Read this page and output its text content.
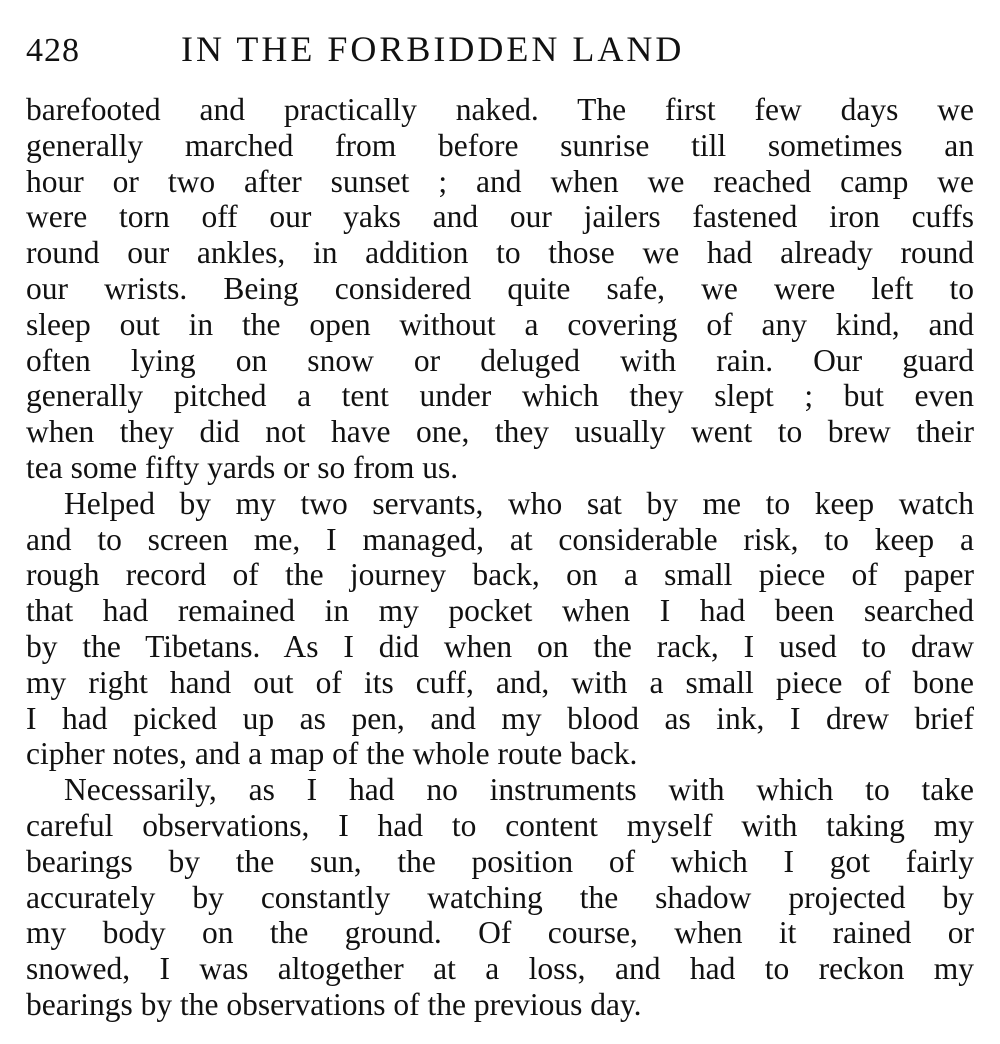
428	IN THE FORBIDDEN LAND
barefooted and practically naked. The first few days we
generally marched from before sunrise till sometimes an
hour or two after sunset ; and when we reached camp we
were torn off our yaks and our jailers fastened iron cuffs
round our ankles, in addition to those we had already round
our wrists. Being considered quite safe, we were left to
sleep out in the open without a covering of any kind, and
often lying on snow or deluged with rain. Our guard
generally pitched a tent under which they slept ; but even
when they did not have one, they usually went to brew their
tea some fifty yards or so from us.
Helped by my two servants, who sat by me to keep watch
and to screen me, I managed, at considerable risk, to keep a
rough record of the journey back, on a small piece of paper
that had remained in my pocket when I had been searched
by the Tibetans. As I did when on the rack, I used to draw
my right hand out of its cuff, and, with a small piece of bone
I had picked up as pen, and my blood as ink, I drew brief
cipher notes, and a map of the whole route back.
Necessarily, as I had no instruments with which to take
careful observations, I had to content myself with taking my
bearings by the sun, the position of which I got fairly
accurately by constantly watching the shadow projected by
my body on the ground. Of course, when it rained or
snowed, I was altogether at a loss, and had to reckon my
bearings by the observations of the previous day.
